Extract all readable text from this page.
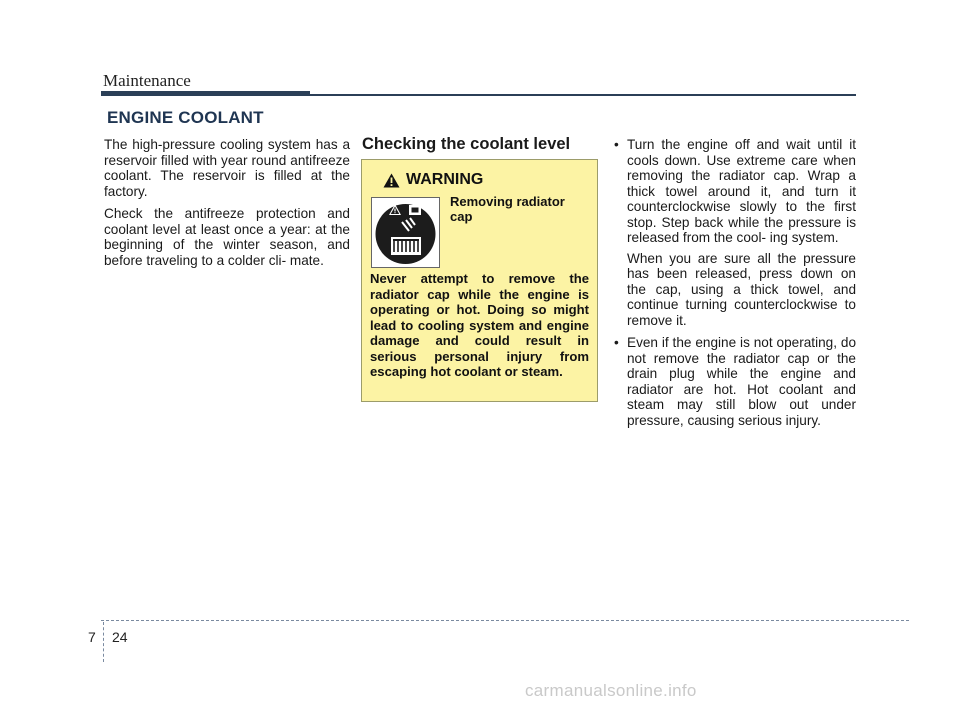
Maintenance
ENGINE COOLANT

The high-pressure cooling system has a reservoir filled with year round antifreeze coolant. The reservoir is filled at the factory.

Check the antifreeze protection and coolant level at least once a year: at the beginning of the winter season, and before traveling to a colder cli- mate.

Checking the coolant level
WARNING
Removing radiator cap
Never attempt to remove the radiator cap while the engine is operating or hot. Doing so might lead to cooling system and engine damage and could result in serious personal injury from escaping hot coolant or steam.
• Turn the engine off and wait until it cools down. Use extreme care when removing the radiator cap. Wrap a thick towel around it, and turn it counterclockwise slowly to the first stop. Step back while the pressure is released from the cool- ing system.
When you are sure all the pressure has been released, press down on the cap, using a thick towel, and continue turning counterclockwise to remove it.
• Even if the engine is not operating, do not remove the radiator cap or the drain plug while the engine and radiator are hot. Hot coolant and steam may still blow out under pressure, causing serious injury.
7 24
carmanualsonline.info
